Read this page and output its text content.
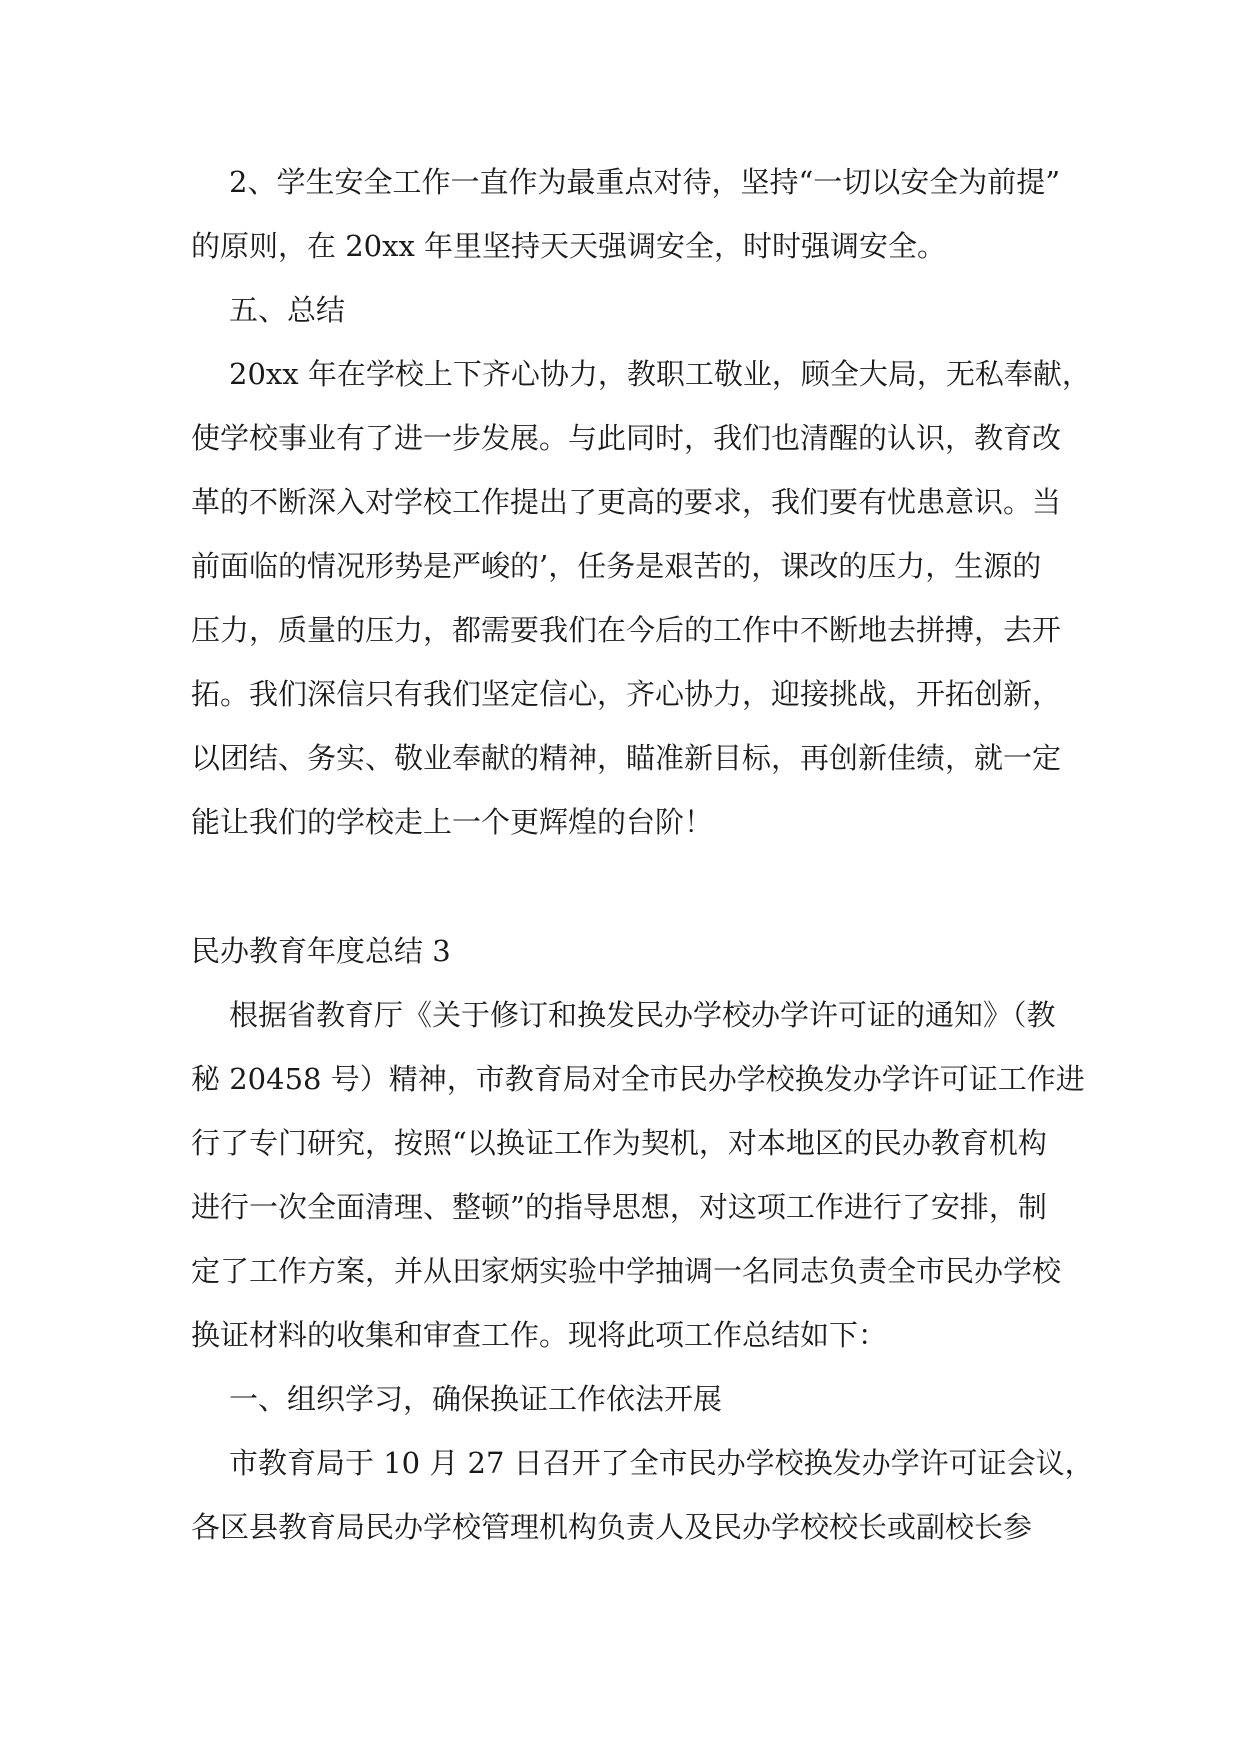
2、学生安全工作一直作为最重点对待，坚持“一切以安全为前提”

的原则，在 20xx 年里坚持天天强调安全，时时强调安全。

五、总结

20xx 年在学校上下齐心协力，教职工敬业，顾全大局，无私奉献，

使学校事业有了进一步发展。与此同时，我们也清醒的认识，教育改

革的不断深入对学校工作提出了更高的要求，我们要有忧患意识。当

前面临的情况形势是严峻的’，任务是艰苦的，课改的压力，生源的

压力，质量的压力，都需要我们在今后的工作中不断地去拼搏，去开

拓。我们深信只有我们坚定信心，齐心协力，迎接挑战，开拓创新，

以团结、务实、敬业奉献的精神，瞄准新目标，再创新佳绩，就一定

能让我们的学校走上一个更辉煌的台阶！

民办教育年度总结 3

根据省教育厅《关于修订和换发民办学校办学许可证的通知》（教

秘 20458 号）精神，市教育局对全市民办学校换发办学许可证工作进

行了专门研究，按照“以换证工作为契机，对本地区的民办教育机构

进行一次全面清理、整顿”的指导思想，对这项工作进行了安排，制

定了工作方案，并从田家炳实验中学抽调一名同志负责全市民办学校

换证材料的收集和审查工作。现将此项工作总结如下：

一、组织学习，确保换证工作依法开展

市教育局于 10 月 27 日召开了全市民办学校换发办学许可证会议，

各区县教育局民办学校管理机构负责人及民办学校校长或副校长参
